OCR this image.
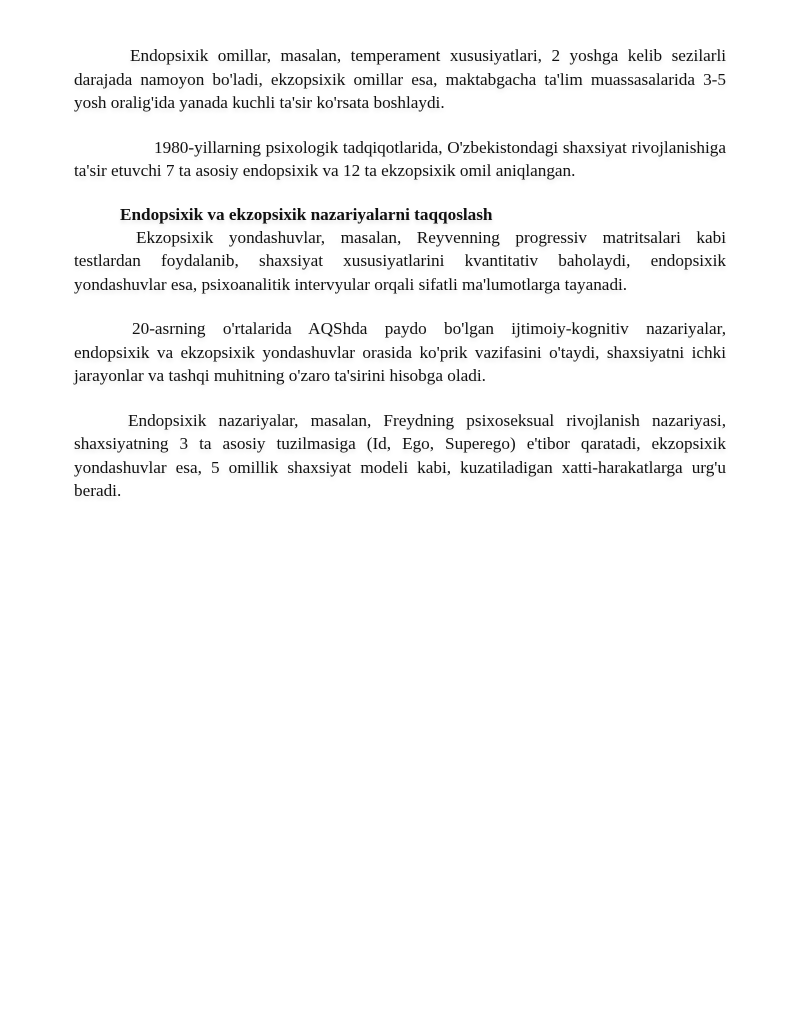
Endopsixik omillar, masalan, temperament xususiyatlari, 2 yoshga kelib sezilarli darajada namoyon bo'ladi, ekzopsixik omillar esa, maktabgacha ta'lim muassasalarida 3-5 yosh oralig'ida yanada kuchli ta'sir ko'rsata boshlaydi.

1980-yillarning psixologik tadqiqotlarida, O'zbekistondagi shaxsiyat rivojlanishiga ta'sir etuvchi 7 ta asosiy endopsixik va 12 ta ekzopsixik omil aniqlangan.

Endopsixik va ekzopsixik nazariyalarni taqqoslash

Ekzopsixik yondashuvlar, masalan, Reyvenning progressiv matritsalari kabi testlardan foydalanib, shaxsiyat xususiyatlarini kvantitativ baholaydi, endopsixik yondashuvlar esa, psixoanalitik intervyular orqali sifatli ma'lumotlarga tayanadi.

20-asrning o'rtalarida AQShda paydo bo'lgan ijtimoiy-kognitiv nazariyalar, endopsixik va ekzopsixik yondashuvlar orasida ko'prik vazifasini o'taydi, shaxsiyatni ichki jarayonlar va tashqi muhitning o'zaro ta'sirini hisobga oladi.

Endopsixik nazariyalar, masalan, Freydning psixoseksual rivojlanish nazariyasi, shaxsiyatning 3 ta asosiy tuzilmasiga (Id, Ego, Superego) e'tibor qaratadi, ekzopsixik yondashuvlar esa, 5 omillik shaxsiyat modeli kabi, kuzatiladigan xatti-harakatlarga urg'u beradi.
